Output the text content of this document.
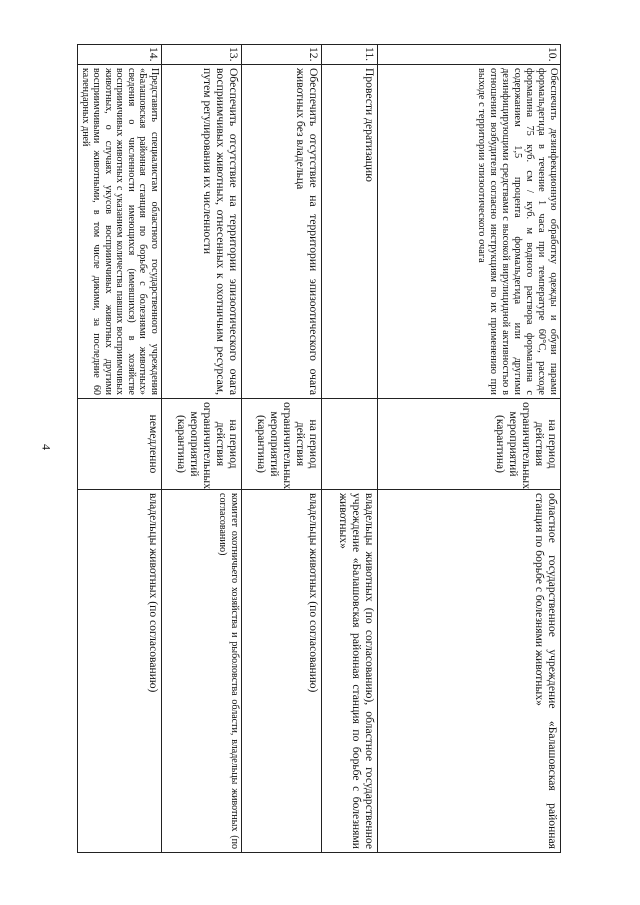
4
10.	Обеспечить дезинфекционную обработку одежды и обуви парами формальдегида в течение 1 часа при температуре 60°С, расходе формалина 75 куб. см / куб. м водного раствора формалина с содержанием 1,5 процента формальдегида или другими дезинфицирующими средствами с высокой вирулицидной активностью в отношении возбудителя согласно инструкциям по их применению при выходе с территории эпизоотического очага	на период действия ограничительных мероприятий (карантина)	областное государственное учреждение «Балашовская районная станция по борьбе с болезнями животных»
11.	Провести дератизацию		владельцы животных (по согласованию), областное государственное учреждение «Балашовская районная станция по борьбе с болезнями животных»
12.	Обеспечить отсутствие на территории эпизоотического очага животных без владельца	на период действия ограничительных мероприятий (карантина)	владельцы животных (по согласованию)
13.	Обеспечить отсутствие на территории эпизоотического очага восприимчивых животных, отнесенных к охотничьим ресурсам, путем регулирования их численности	на период действия ограничительных мероприятий (карантина)	комитет охотничьего хозяйства и рыболовства области, владельцы животных (по согласованию)
14.	Представить специалистам областного государственного учреждения «Балашовская районная станция по борьбе с болезнями животных» сведения о численности имеющихся (имевшихся) в хозяйстве восприимчивых животных с указанием количества павших восприимчивых животных, о случаях укусов восприимчивых животных другими восприимчивыми животными, в том числе дикими, за последние 60 календарных дней	немедленно	владельцы животных (по согласованию)
